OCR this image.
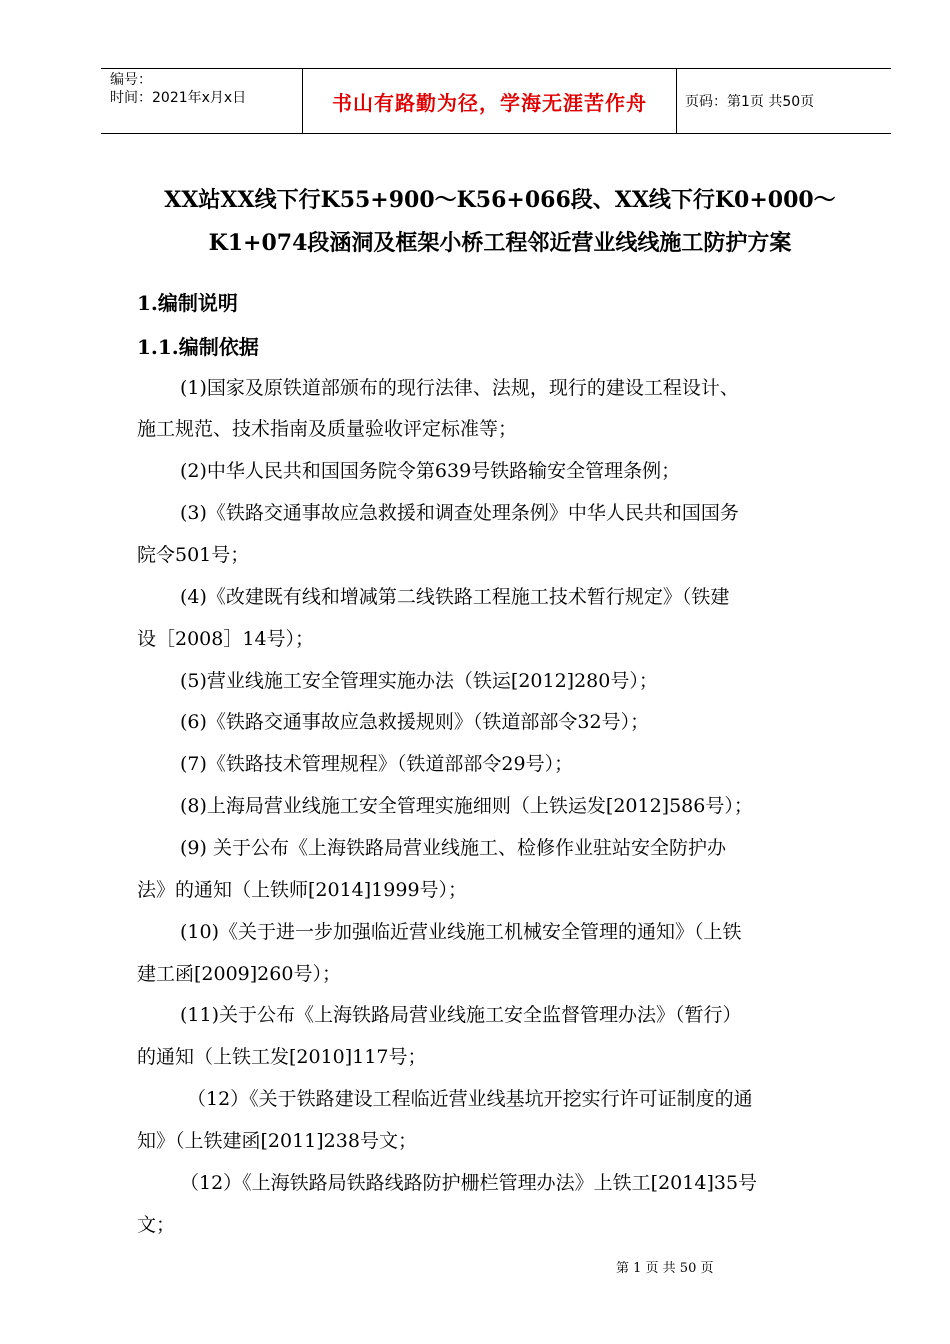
编号：
时间：2021年x月x日	书山有路勤为径，学海无涯苦作舟	页码：第1页 共50页
XX站XX线下行K55+900～K56+066段、XX线下行K0+000～
K1+074段涵洞及框架小桥工程邻近营业线线施工防护方案
1.编制说明
1.1.编制依据
(1)国家及原铁道部颁布的现行法律、法规，现行的建设工程设计、
施工规范、技术指南及质量验收评定标准等；
(2)中华人民共和国国务院令第639号铁路输安全管理条例；
(3)《铁路交通事故应急救援和调查处理条例》中华人民共和国国务
院令501号；
(4)《改建既有线和增减第二线铁路工程施工技术暂行规定》（铁建
设［2008］14号）；
(5)营业线施工安全管理实施办法（铁运[2012]280号）；
(6)《铁路交通事故应急救援规则》（铁道部部令32号）；
(7)《铁路技术管理规程》（铁道部部令29号）；
(8)上海局营业线施工安全管理实施细则（上铁运发[2012]586号）；
(9) 关于公布《上海铁路局营业线施工、检修作业驻站安全防护办
法》的通知（上铁师[2014]1999号）；
(10)《关于进一步加强临近营业线施工机械安全管理的通知》（上铁
建工函[2009]260号）；
(11)关于公布《上海铁路局营业线施工安全监督管理办法》（暂行）
的通知（上铁工发[2010]117号；
（12）《关于铁路建设工程临近营业线基坑开挖实行许可证制度的通
知》（上铁建函[2011]238号文；
（12）《上海铁路局铁路线路防护栅栏管理办法》上铁工[2014]35号
文；
第 1 页 共 50 页
